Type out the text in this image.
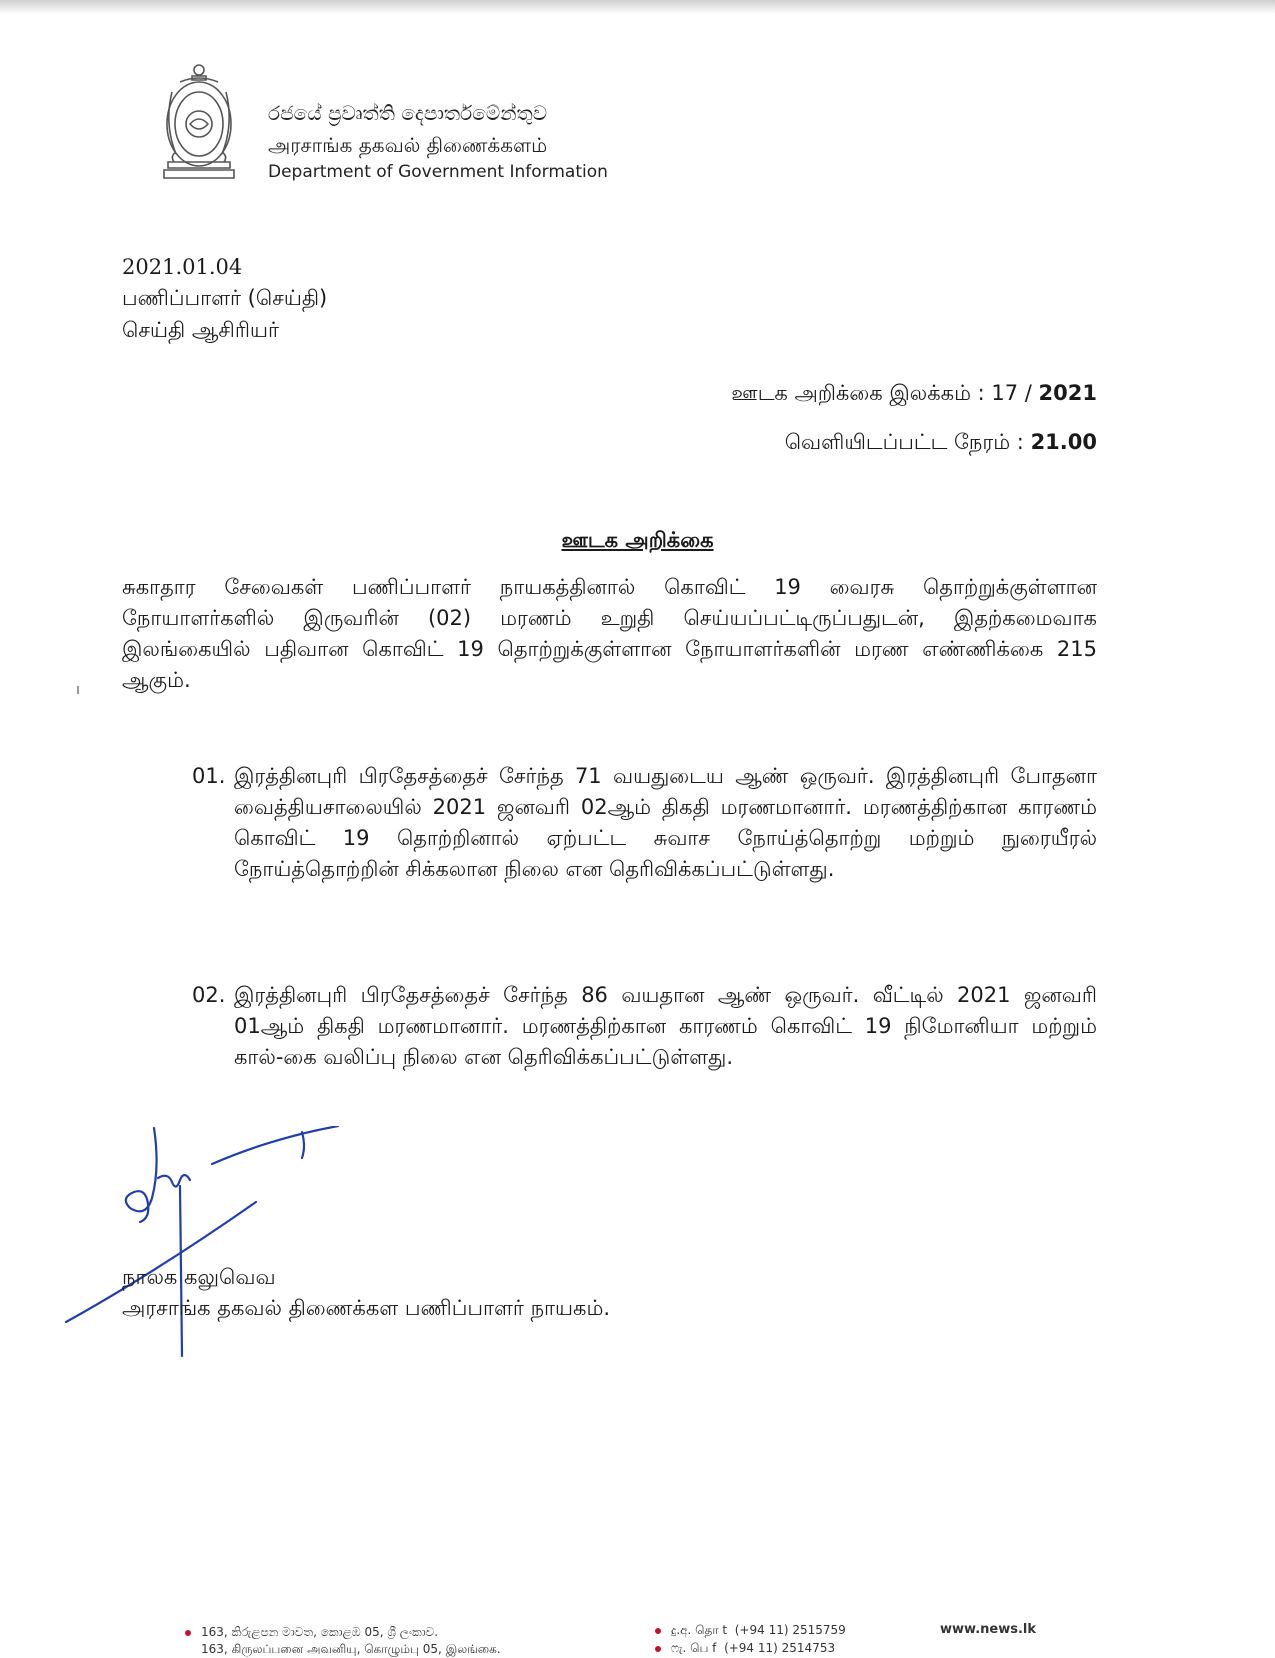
රජයේ ප්‍රවෘත්ති දෙපාර්තමේන්තුව
அரசாங்க தகவல் திணைக்களம்
Department of Government Information
2021.01.04
பணிப்பாளர் (செய்தி)
செய்தி ஆசிரியர்
ஊடக அறிக்கை இலக்கம் : 17 / 2021
வெளியிடப்பட்ட நேரம் : 21.00
ஊடக அறிக்கை
சுகாதார சேவைகள் பணிப்பாளர் நாயகத்தினால் கொவிட் 19 வைரசு தொற்றுக்குள்ளான நோயாளர்களில் இருவரின் (02) மரணம் உறுதி செய்யப்பட்டிருப்பதுடன், இதற்கமைவாக இலங்கையில் பதிவான கொவிட் 19 தொற்றுக்குள்ளான நோயாளர்களின் மரண எண்ணிக்கை 215 ஆகும்.
01. இரத்தினபுரி பிரதேசத்தைச் சேர்ந்த 71 வயதுடைய ஆண் ஒருவர். இரத்தினபுரி போதனா வைத்தியசாலையில் 2021 ஜனவரி 02ஆம் திகதி மரணமானார். மரணத்திற்கான காரணம் கொவிட் 19 தொற்றினால் ஏற்பட்ட சுவாச நோய்த்தொற்று மற்றும் நுரையீரல் நோய்த்தொற்றின் சிக்கலான நிலை என தெரிவிக்கப்பட்டுள்ளது.
02. இரத்தினபுரி பிரதேசத்தைச் சேர்ந்த 86 வயதான ஆண் ஒருவர். வீட்டில் 2021 ஜனவரி 01ஆம் திகதி மரணமானார். மரணத்திற்கான காரணம் கொவிட் 19 நிமோனியா மற்றும் கால்-கை வலிப்பு நிலை என தெரிவிக்கப்பட்டுள்ளது.
நாலக கலுவெவ
அரசாங்க தகவல் திணைக்கள பணிப்பாளர் நாயகம்.
163, කිරුළපන මාවත, කොළඹ 05, ශ්‍රී ලංකාව.
163, கிருலப்பனை அவனியு, கொழும்பு 05, இலங்கை.
දු.අ. தொ t (+94 11) 2515759
ෆැ. பெ f (+94 11) 2514753
www.news.lk
